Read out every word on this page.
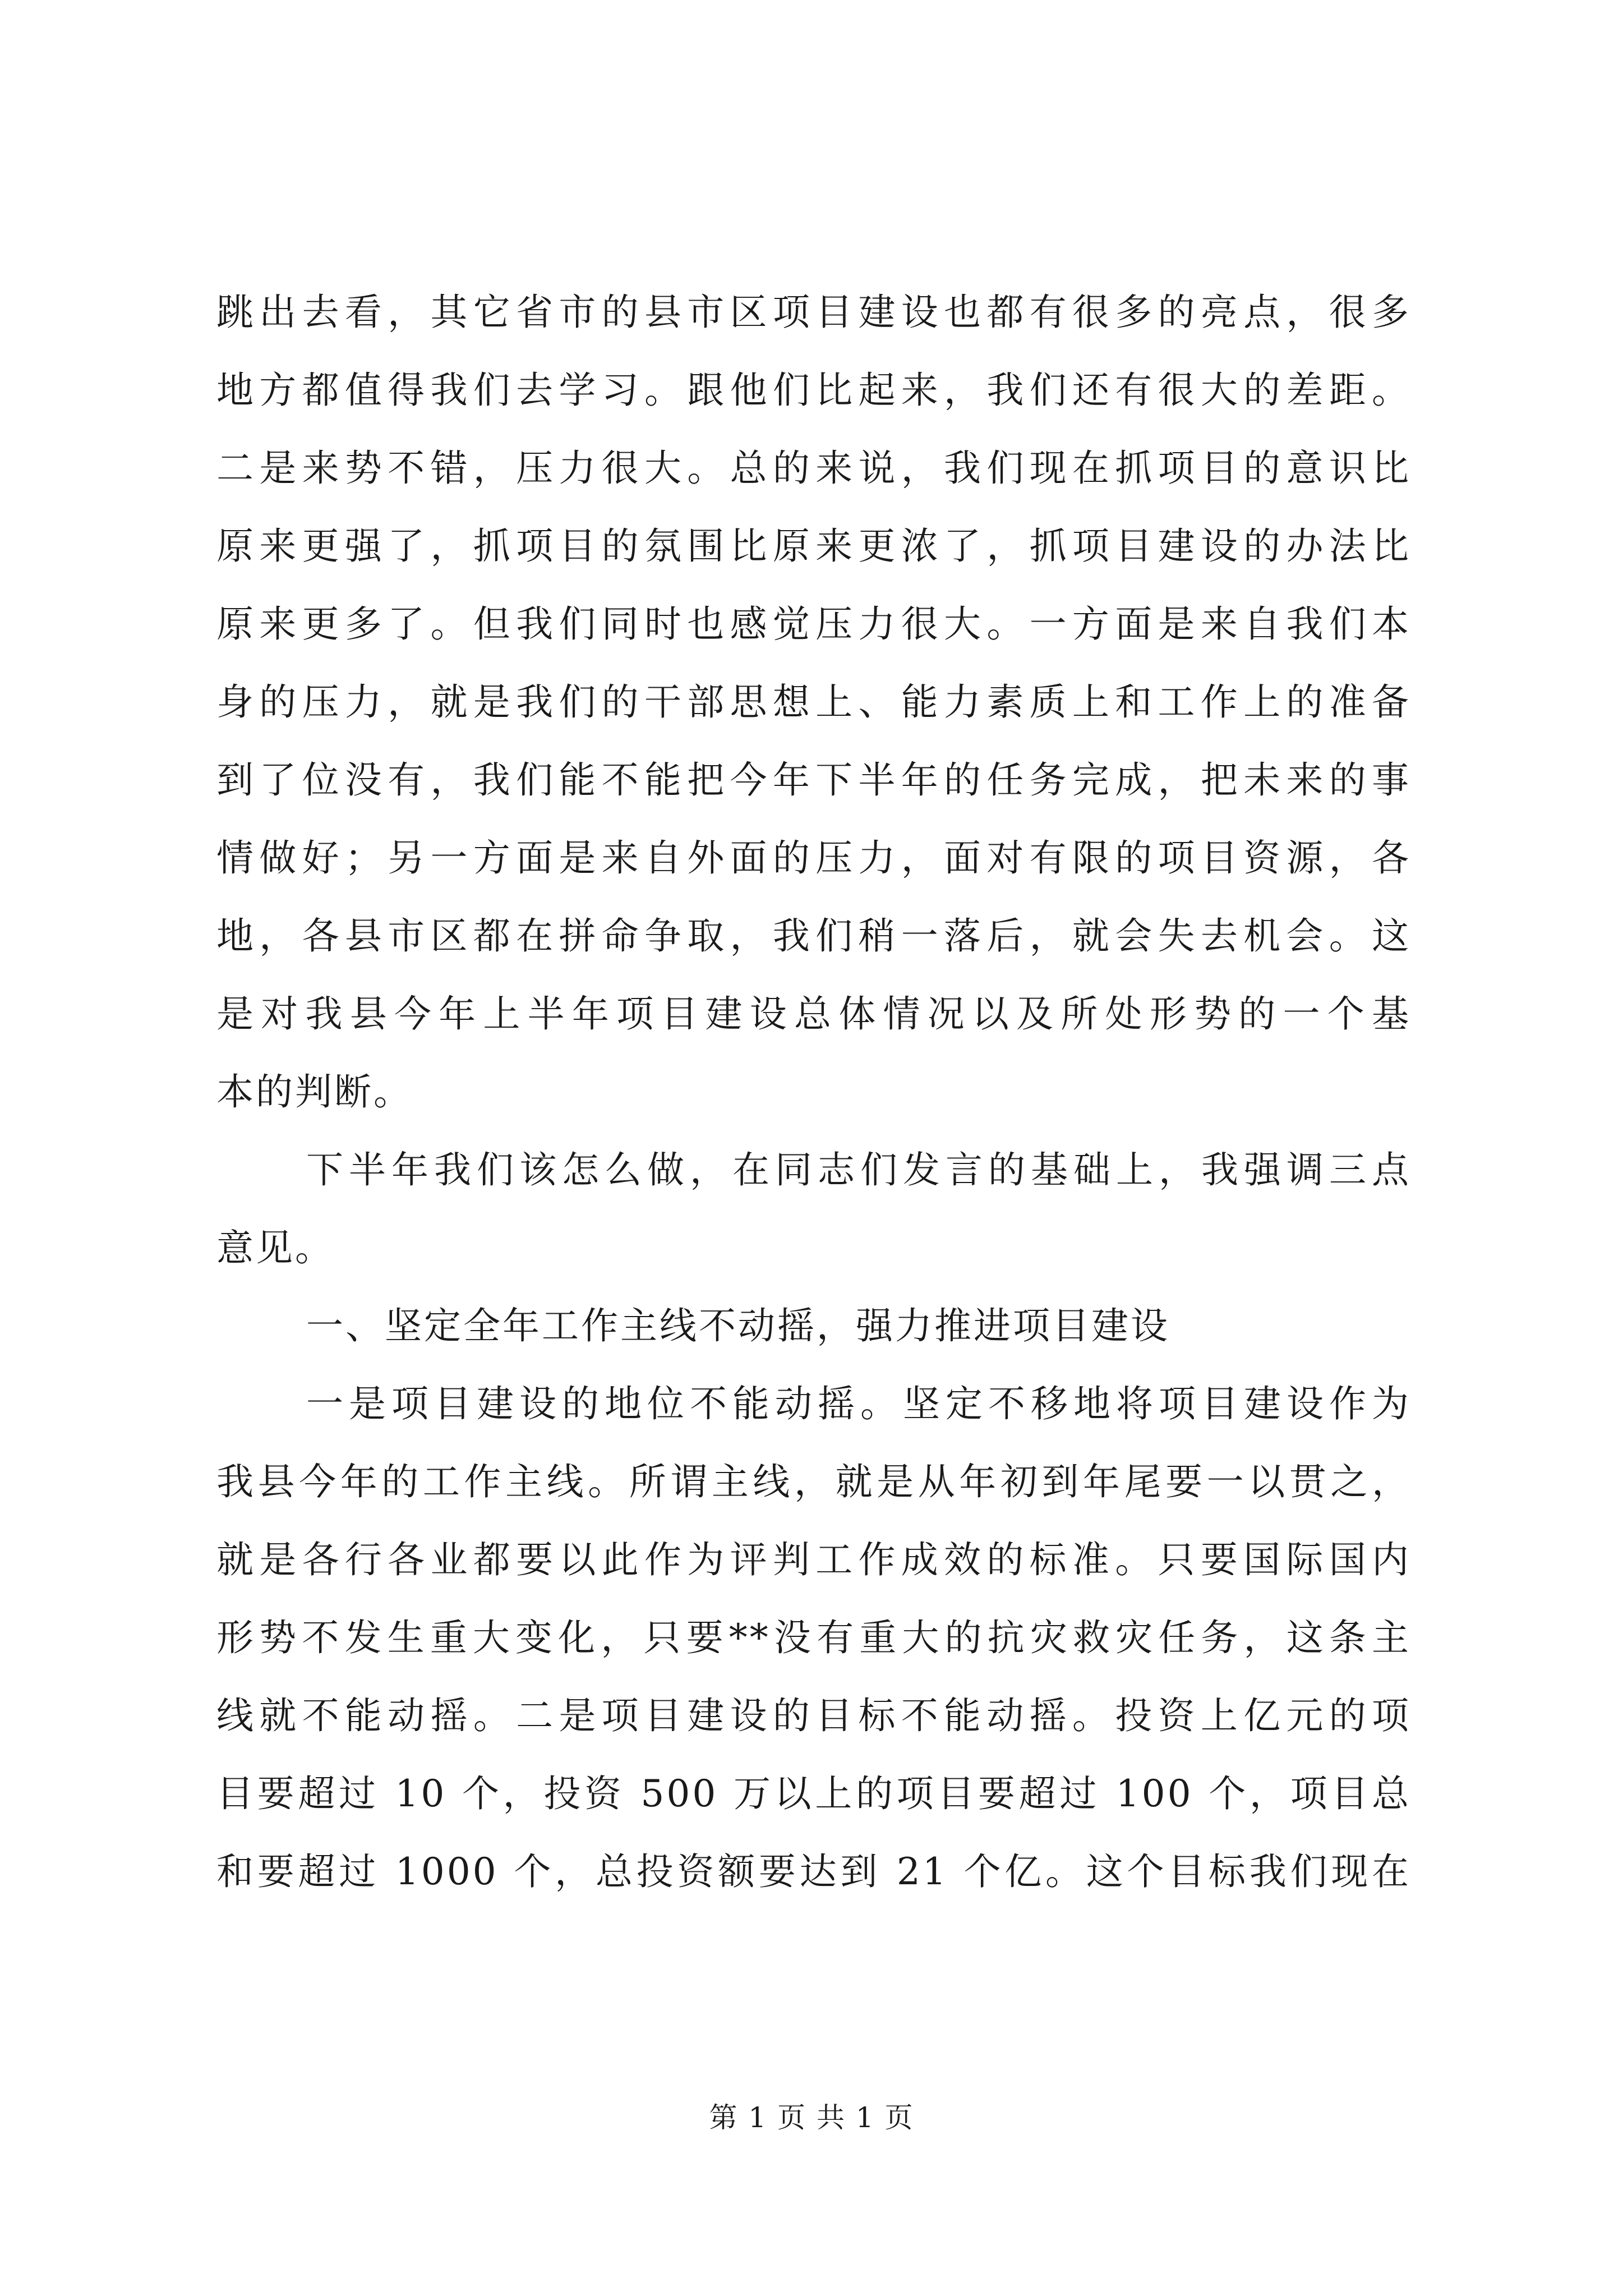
跳出去看，其它省市的县市区项目建设也都有很多的亮点，很多
地方都值得我们去学习。跟他们比起来，我们还有很大的差距。
二是来势不错，压力很大。总的来说，我们现在抓项目的意识比
原来更强了，抓项目的氛围比原来更浓了，抓项目建设的办法比
原来更多了。但我们同时也感觉压力很大。一方面是来自我们本
身的压力，就是我们的干部思想上、能力素质上和工作上的准备
到了位没有，我们能不能把今年下半年的任务完成，把未来的事
情做好；另一方面是来自外面的压力，面对有限的项目资源，各
地，各县市区都在拼命争取，我们稍一落后，就会失去机会。这
是对我县今年上半年项目建设总体情况以及所处形势的一个基
本的判断。
下半年我们该怎么做，在同志们发言的基础上，我强调三点
意见。
一、坚定全年工作主线不动摇，强力推进项目建设
一是项目建设的地位不能动摇。坚定不移地将项目建设作为
我县今年的工作主线。所谓主线，就是从年初到年尾要一以贯之，
就是各行各业都要以此作为评判工作成效的标准。只要国际国内
形势不发生重大变化，只要**没有重大的抗灾救灾任务，这条主
线就不能动摇。二是项目建设的目标不能动摇。投资上亿元的项
目要超过 10 个，投资 500 万以上的项目要超过 100 个，项目总
和要超过 1000 个，总投资额要达到 21 个亿。这个目标我们现在
第 1 页 共 1 页
